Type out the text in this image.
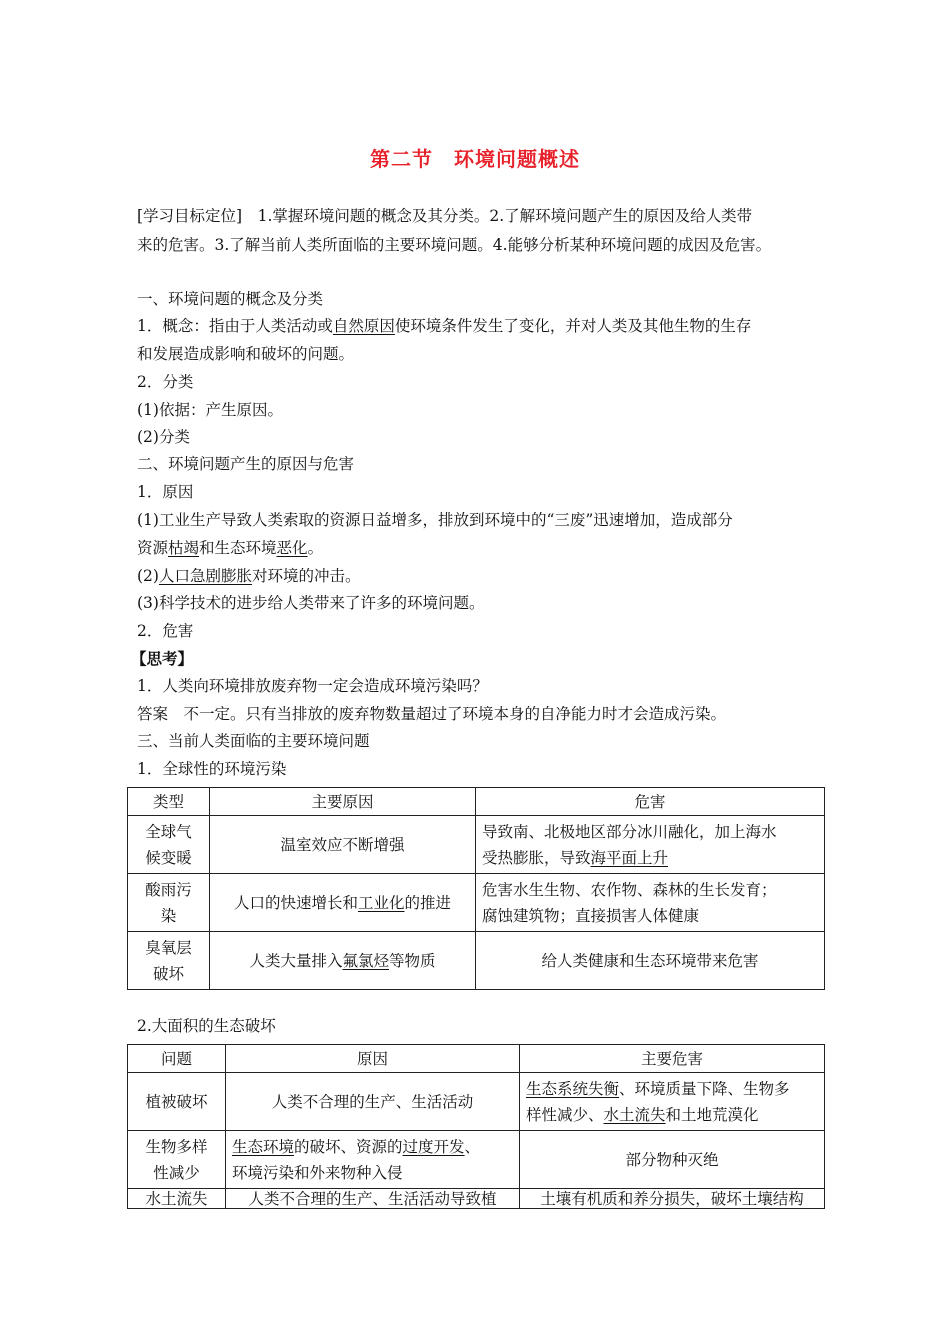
第二节　环境问题概述
[学习目标定位]　1.掌握环境问题的概念及其分类。2.了解环境问题产生的原因及给人类带
来的危害。3.了解当前人类所面临的主要环境问题。4.能够分析某种环境问题的成因及危害。
一、环境问题的概念及分类
1．概念：指由于人类活动或自然原因使环境条件发生了变化，并对人类及其他生物的生存
和发展造成影响和破坏的问题。
2．分类
(1)依据：产生原因。
(2)分类
二、环境问题产生的原因与危害
1．原因
(1)工业生产导致人类索取的资源日益增多，排放到环境中的“三废”迅速增加，造成部分
资源枯竭和生态环境恶化。
(2)人口急剧膨胀对环境的冲击。
(3)科学技术的进步给人类带来了许多的环境问题。
2．危害
【思考】
1．人类向环境排放废弃物一定会造成环境污染吗？
答案　不一定。只有当排放的废弃物数量超过了环境本身的自净能力时才会造成污染。
三、当前人类面临的主要环境问题
1．全球性的环境污染
类型	主要原因	危害
全球气
候变暖	温室效应不断增强	导致南、北极地区部分冰川融化，加上海水
受热膨胀，导致海平面上升
酸雨污
染	人口的快速增长和工业化的推进	危害水生生物、农作物、森林的生长发育；
腐蚀建筑物；直接损害人体健康
臭氧层
破坏	人类大量排入氟氯烃等物质	给人类健康和生态环境带来危害
2.大面积的生态破坏
问题	原因	主要危害
植被破坏	人类不合理的生产、生活活动	生态系统失衡、环境质量下降、生物多
样性减少、水土流失和土地荒漠化
生物多样
性减少	生态环境的破坏、资源的过度开发、
环境污染和外来物种入侵	部分物种灭绝
水土流失	人类不合理的生产、生活活动导致植	土壤有机质和养分损失，破坏土壤结构
